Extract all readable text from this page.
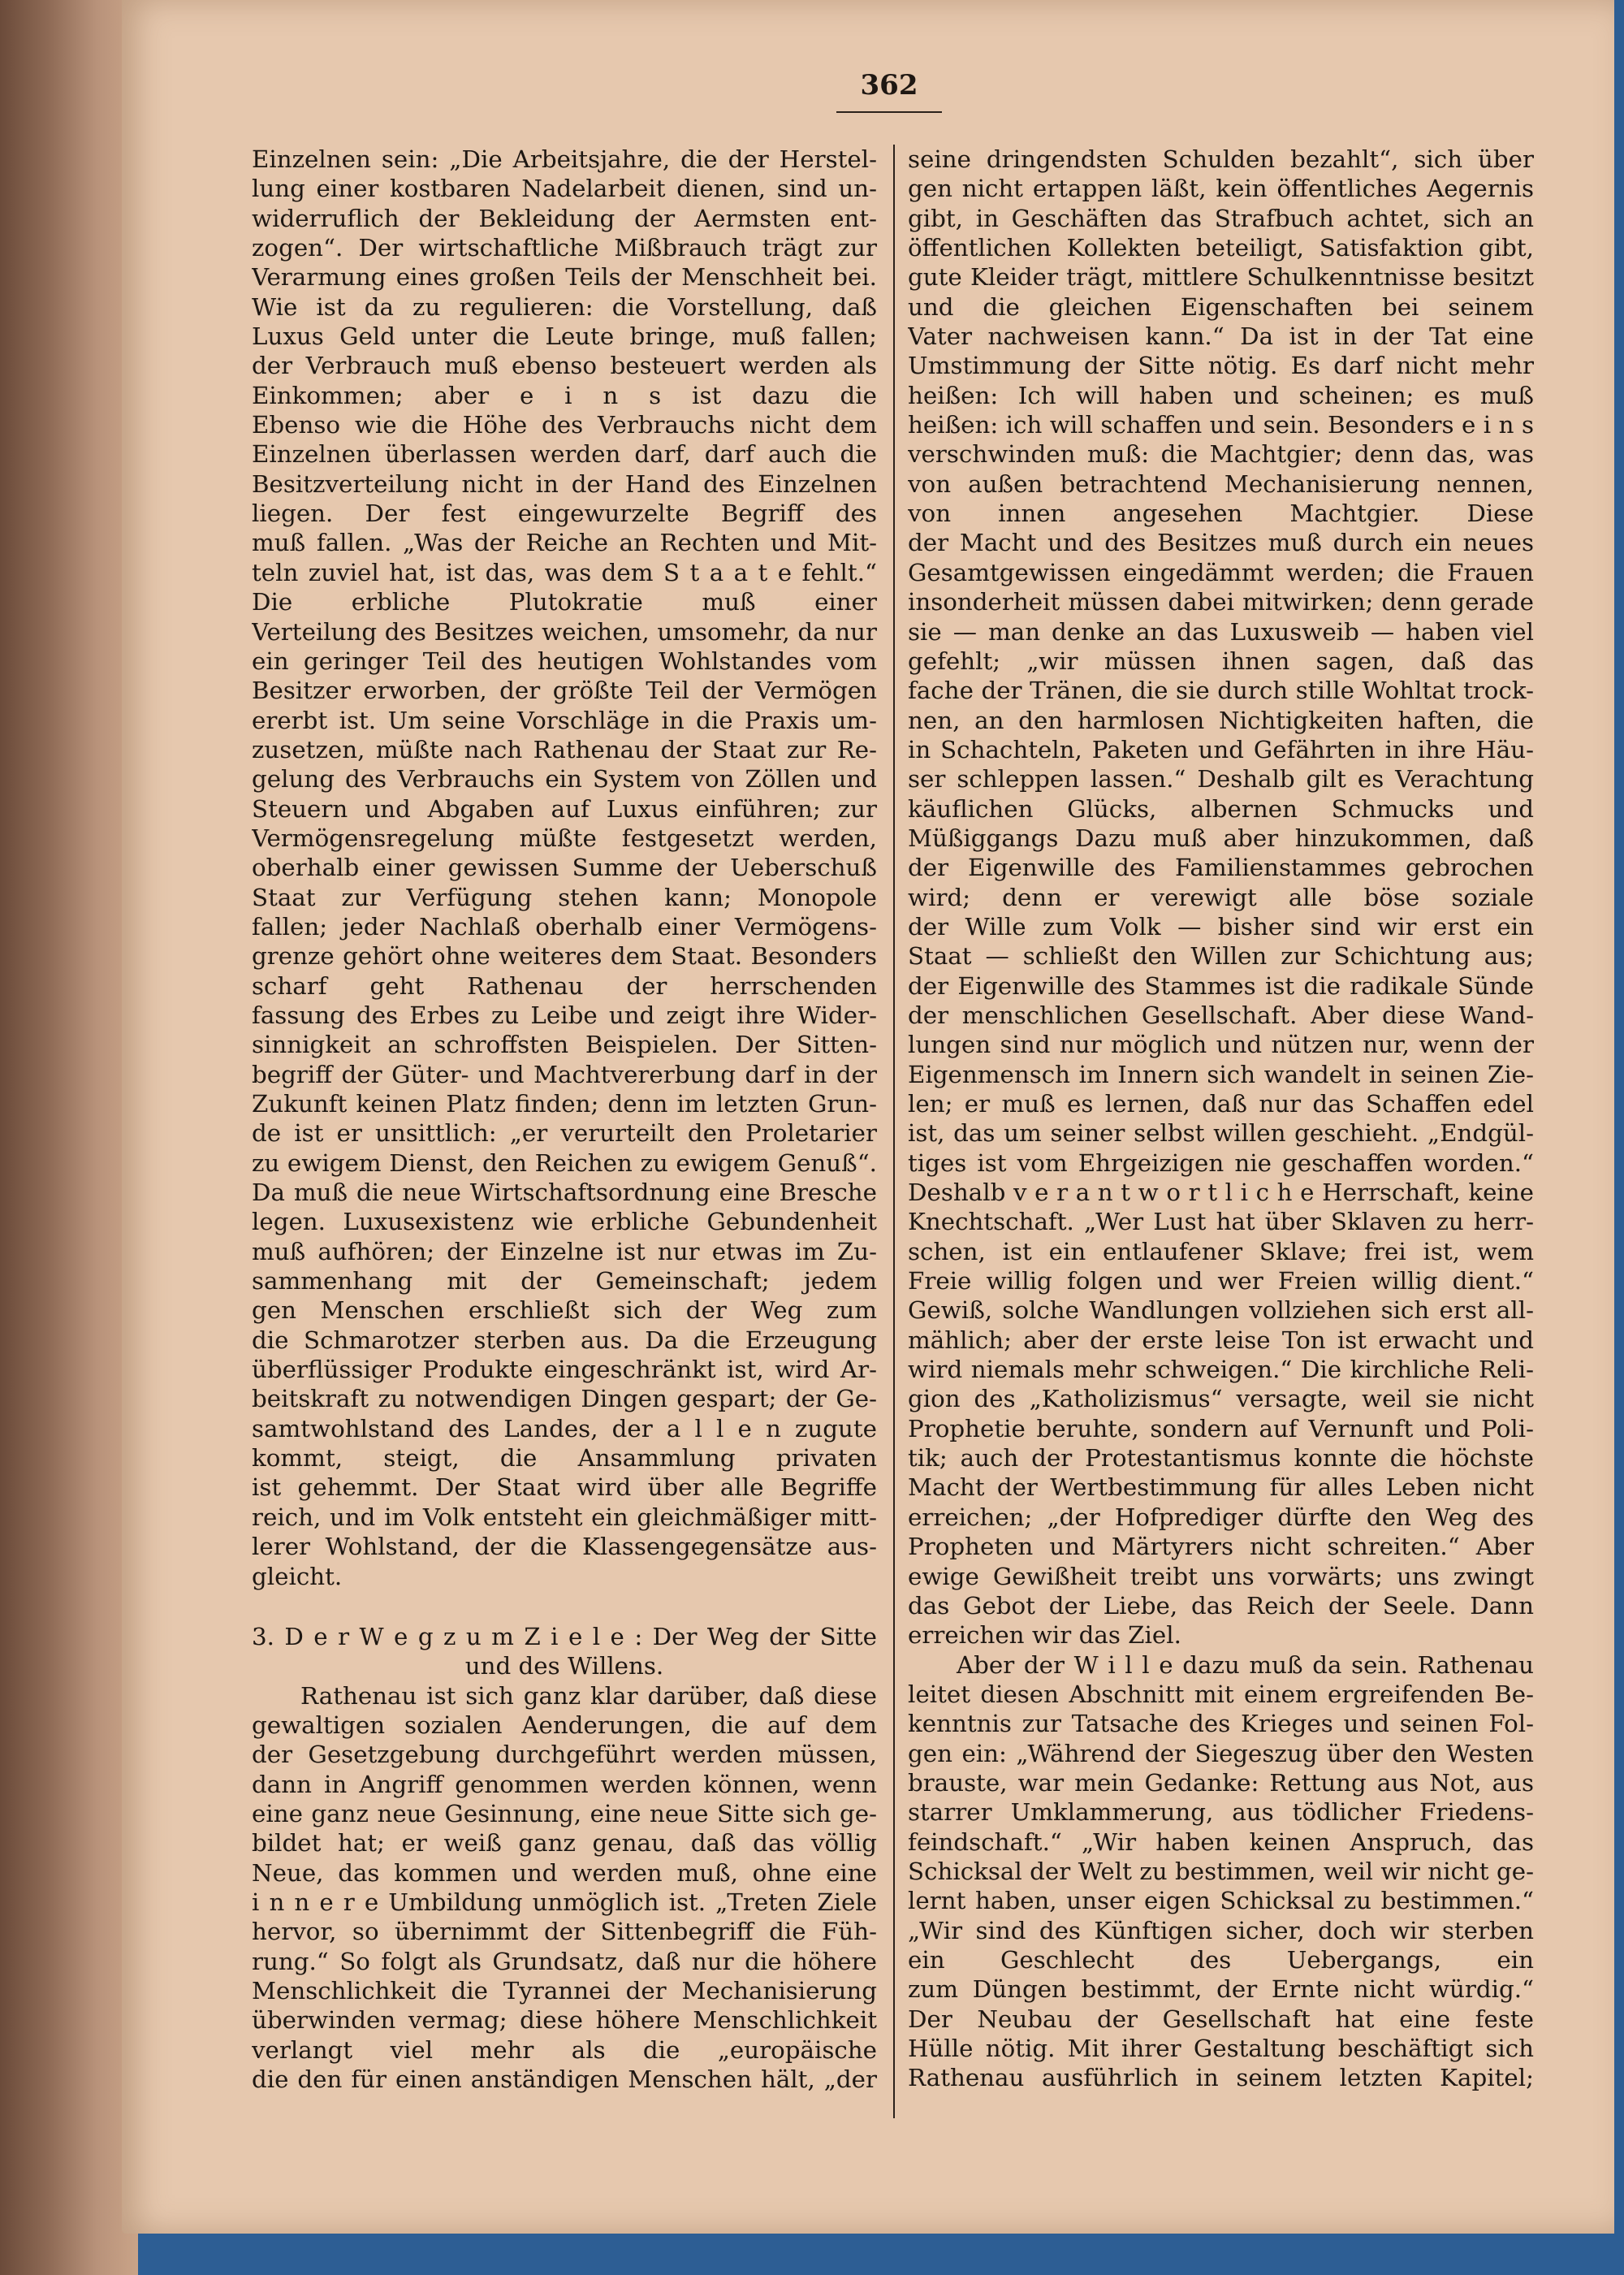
362
Einzelnen sein: „Die Arbeitsjahre, die der Herstel-
lung einer kostbaren Nadelarbeit dienen, sind un-
widerruflich der Bekleidung der Aermsten ent-
zogen“. Der wirtschaftliche Mißbrauch trägt zur
Verarmung eines großen Teils der Menschheit bei.
Wie ist da zu regulieren: die Vorstellung, daß
Luxus Geld unter die Leute bringe, muß fallen;
der Verbrauch muß ebenso besteuert werden als
Einkommen; aber e i n s ist dazu die
Ebenso wie die Höhe des Verbrauchs nicht dem
Einzelnen überlassen werden darf, darf auch die
Besitzverteilung nicht in der Hand des Einzelnen
liegen. Der fest eingewurzelte Begriff des
muß fallen. „Was der Reiche an Rechten und Mit-
teln zuviel hat, ist das, was dem S t a a t e fehlt.“
Die erbliche Plutokratie muß einer
Verteilung des Besitzes weichen, umsomehr, da nur
ein geringer Teil des heutigen Wohlstandes vom
Besitzer erworben, der größte Teil der Vermögen
ererbt ist. Um seine Vorschläge in die Praxis um-
zusetzen, müßte nach Rathenau der Staat zur Re-
gelung des Verbrauchs ein System von Zöllen und
Steuern und Abgaben auf Luxus einführen; zur
Vermögensregelung müßte festgesetzt werden,
oberhalb einer gewissen Summe der Ueberschuß
Staat zur Verfügung stehen kann; Monopole
fallen; jeder Nachlaß oberhalb einer Vermögens-
grenze gehört ohne weiteres dem Staat. Besonders
scharf geht Rathenau der herrschenden
fassung des Erbes zu Leibe und zeigt ihre Wider-
sinnigkeit an schroffsten Beispielen. Der Sitten-
begriff der Güter- und Machtvererbung darf in der
Zukunft keinen Platz finden; denn im letzten Grun-
de ist er unsittlich: „er verurteilt den Proletarier
zu ewigem Dienst, den Reichen zu ewigem Genuß“.
Da muß die neue Wirtschaftsordnung eine Bresche
legen. Luxusexistenz wie erbliche Gebundenheit
muß aufhören; der Einzelne ist nur etwas im Zu-
sammenhang mit der Gemeinschaft; jedem
gen Menschen erschließt sich der Weg zum
die Schmarotzer sterben aus. Da die Erzeugung
überflüssiger Produkte eingeschränkt ist, wird Ar-
beitskraft zu notwendigen Dingen gespart; der Ge-
samtwohlstand des Landes, der a l l e n zugute
kommt, steigt, die Ansammlung privaten
ist gehemmt. Der Staat wird über alle Begriffe
reich, und im Volk entsteht ein gleichmäßiger mitt-
lerer Wohlstand, der die Klassengegensätze aus-
gleicht.
3. D e r W e g z u m Z i e l e : Der Weg der Sitte
und des Willens.
Rathenau ist sich ganz klar darüber, daß diese
gewaltigen sozialen Aenderungen, die auf dem
der Gesetzgebung durchgeführt werden müssen,
dann in Angriff genommen werden können, wenn
eine ganz neue Gesinnung, eine neue Sitte sich ge-
bildet hat; er weiß ganz genau, daß das völlig
Neue, das kommen und werden muß, ohne eine
i n n e r e Umbildung unmöglich ist. „Treten Ziele
hervor, so übernimmt der Sittenbegriff die Füh-
rung.“ So folgt als Grundsatz, daß nur die höhere
Menschlichkeit die Tyrannei der Mechanisierung
überwinden vermag; diese höhere Menschlichkeit
verlangt viel mehr als die „europäische
die den für einen anständigen Menschen hält, „der
seine dringendsten Schulden bezahlt“, sich über
gen nicht ertappen läßt, kein öffentliches Aegernis
gibt, in Geschäften das Strafbuch achtet, sich an
öffentlichen Kollekten beteiligt, Satisfaktion gibt,
gute Kleider trägt, mittlere Schulkenntnisse besitzt
und die gleichen Eigenschaften bei seinem
Vater nachweisen kann.“ Da ist in der Tat eine
Umstimmung der Sitte nötig. Es darf nicht mehr
heißen: Ich will haben und scheinen; es muß
heißen: ich will schaffen und sein. Besonders e i n s
verschwinden muß: die Machtgier; denn das, was
von außen betrachtend Mechanisierung nennen,
von innen angesehen Machtgier. Diese
der Macht und des Besitzes muß durch ein neues
Gesamtgewissen eingedämmt werden; die Frauen
insonderheit müssen dabei mitwirken; denn gerade
sie — man denke an das Luxusweib — haben viel
gefehlt; „wir müssen ihnen sagen, daß das
fache der Tränen, die sie durch stille Wohltat trock-
nen, an den harmlosen Nichtigkeiten haften, die
in Schachteln, Paketen und Gefährten in ihre Häu-
ser schleppen lassen.“ Deshalb gilt es Verachtung
käuflichen Glücks, albernen Schmucks und
Müßiggangs Dazu muß aber hinzukommen, daß
der Eigenwille des Familienstammes gebrochen
wird; denn er verewigt alle böse soziale
der Wille zum Volk — bisher sind wir erst ein
Staat — schließt den Willen zur Schichtung aus;
der Eigenwille des Stammes ist die radikale Sünde
der menschlichen Gesellschaft. Aber diese Wand-
lungen sind nur möglich und nützen nur, wenn der
Eigenmensch im Innern sich wandelt in seinen Zie-
len; er muß es lernen, daß nur das Schaffen edel
ist, das um seiner selbst willen geschieht. „Endgül-
tiges ist vom Ehrgeizigen nie geschaffen worden.“
Deshalb v e r a n t w o r t l i c h e Herrschaft, keine
Knechtschaft. „Wer Lust hat über Sklaven zu herr-
schen, ist ein entlaufener Sklave; frei ist, wem
Freie willig folgen und wer Freien willig dient.“
Gewiß, solche Wandlungen vollziehen sich erst all-
mählich; aber der erste leise Ton ist erwacht und
wird niemals mehr schweigen.“ Die kirchliche Reli-
gion des „Katholizismus“ versagte, weil sie nicht
Prophetie beruhte, sondern auf Vernunft und Poli-
tik; auch der Protestantismus konnte die höchste
Macht der Wertbestimmung für alles Leben nicht
erreichen; „der Hofprediger dürfte den Weg des
Propheten und Märtyrers nicht schreiten.“ Aber
ewige Gewißheit treibt uns vorwärts; uns zwingt
das Gebot der Liebe, das Reich der Seele. Dann
erreichen wir das Ziel.
Aber der W i l l e dazu muß da sein. Rathenau
leitet diesen Abschnitt mit einem ergreifenden Be-
kenntnis zur Tatsache des Krieges und seinen Fol-
gen ein: „Während der Siegeszug über den Westen
brauste, war mein Gedanke: Rettung aus Not, aus
starrer Umklammerung, aus tödlicher Friedens-
feindschaft.“ „Wir haben keinen Anspruch, das
Schicksal der Welt zu bestimmen, weil wir nicht ge-
lernt haben, unser eigen Schicksal zu bestimmen.“
„Wir sind des Künftigen sicher, doch wir sterben
ein Geschlecht des Uebergangs, ein
zum Düngen bestimmt, der Ernte nicht würdig.“
Der Neubau der Gesellschaft hat eine feste
Hülle nötig. Mit ihrer Gestaltung beschäftigt sich
Rathenau ausführlich in seinem letzten Kapitel;
